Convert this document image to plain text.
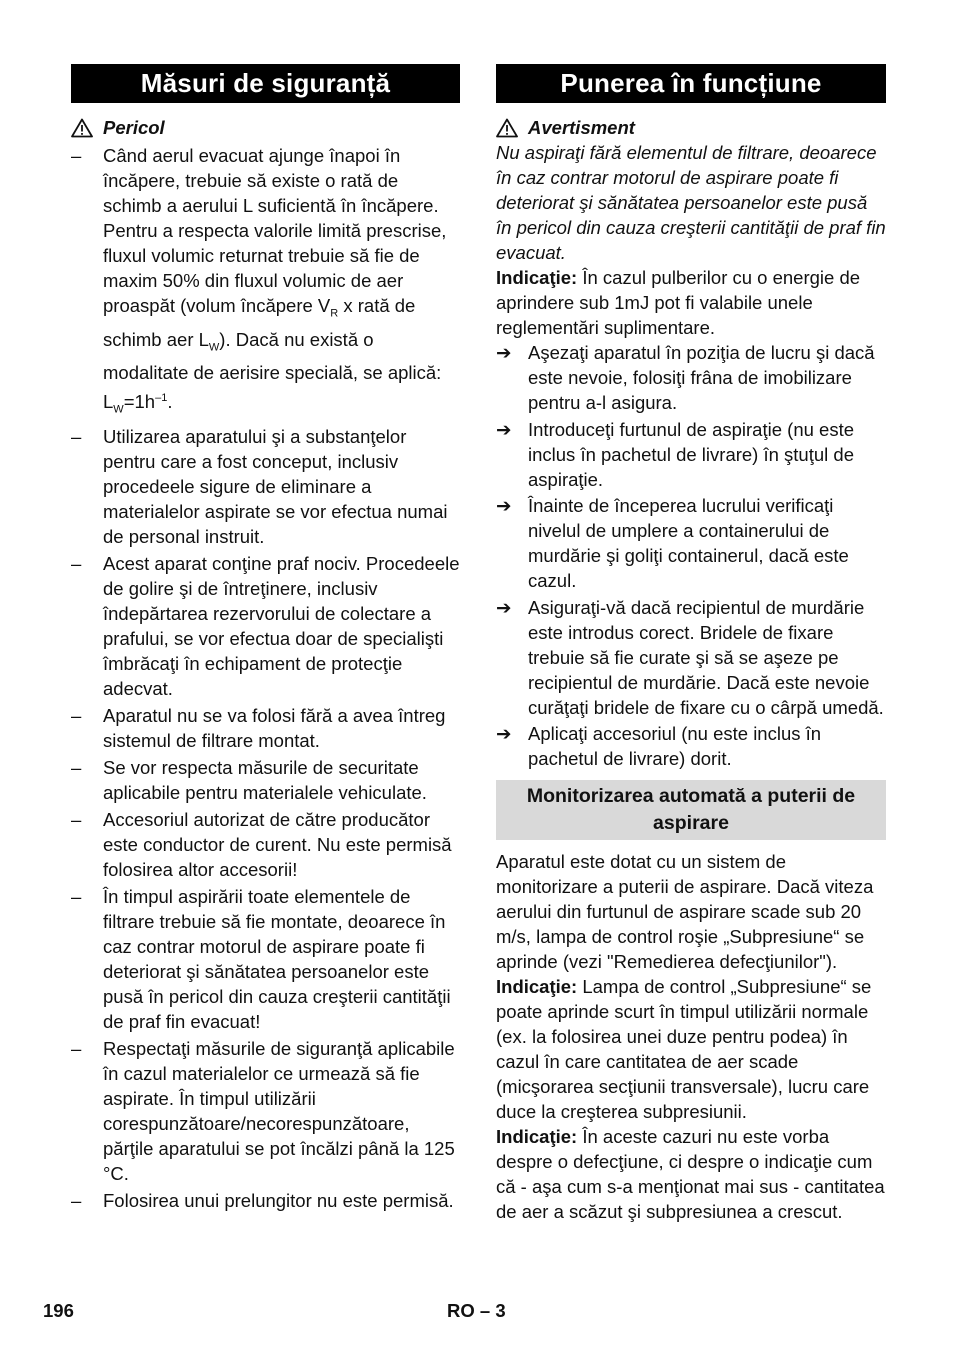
Măsuri de siguranță
Pericol
– Când aerul evacuat ajunge înapoi în încăpere, trebuie să existe o rată de schimb a aerului L suficientă în încăpere. Pentru a respecta valorile limită prescrise, fluxul volumic returnat trebuie să fie de maxim 50% din fluxul volumic de aer proaspăt (volum încăpere $V_R$ x rată de schimb aer $L_W$). Dacă nu există o modalitate de aerisire specială, se aplică: $L_W=1h^{-1}$.
– Utilizarea aparatului şi a substanţelor pentru care a fost conceput, inclusiv procedeele sigure de eliminare a materialelor aspirate se vor efectua numai de personal instruit.
– Acest aparat conţine praf nociv. Procedeele de golire şi de întreţinere, inclusiv îndepărtarea rezervorului de colectare a prafului, se vor efectua doar de specialişti îmbrăcaţi în echipament de protecţie adecvat.
– Aparatul nu se va folosi fără a avea întreg sistemul de filtrare montat.
– Se vor respecta măsurile de securitate aplicabile pentru materialele vehiculate.
– Accesoriul autorizat de către producător este conductor de curent. Nu este permisă folosirea altor accesorii!
– În timpul aspirării toate elementele de filtrare trebuie să fie montate, deoarece în caz contrar motorul de aspirare poate fi deteriorat şi sănătatea persoanelor este pusă în pericol din cauza creşterii cantităţii de praf fin evacuat!
– Respectaţi măsurile de siguranţă aplicabile în cazul materialelor ce urmează să fie aspirate. În timpul utilizării corespunzătoare/necorespunzătoare, părţile aparatului se pot încălzi până la 125 °C.
– Folosirea unui prelungitor nu este permisă.
Punerea în funcțiune
Avertisment

Nu aspiraţi fără elementul de filtrare, deoarece în caz contrar motorul de aspirare poate fi deteriorat şi sănătatea persoanelor este pusă în pericol din cauza creşterii cantităţii de praf fin evacuat.

Indicaţie: În cazul pulberilor cu o energie de aprindere sub 1mJ pot fi valabile unele reglementări suplimentare.

➔ Aşezaţi aparatul în poziţia de lucru şi dacă este nevoie, folosiţi frâna de imobilizare pentru a-l asigura.
➔ Introduceţi furtunul de aspiraţie (nu este inclus în pachetul de livrare) în ştuţul de aspiraţie.
➔ Înainte de începerea lucrului verificaţi nivelul de umplere a containerului de murdărie şi goliţi containerul, dacă este cazul.
➔ Asiguraţi-vă dacă recipientul de murdărie este introdus corect. Bridele de fixare trebuie să fie curate şi să se aşeze pe recipientul de murdărie. Dacă este nevoie curăţaţi bridele de fixare cu o cârpă umedă.
➔ Aplicaţi accesoriul (nu este inclus în pachetul de livrare) dorit.
Monitorizarea automată a puterii de aspirare

Aparatul este dotat cu un sistem de monitorizare a puterii de aspirare. Dacă viteza aerului din furtunul de aspirare scade sub 20 m/s, lampa de control roşie „Subpresiune“ se aprinde (vezi "Remedierea defecţiunilor").

Indicaţie: Lampa de control „Subpresiune“ se poate aprinde scurt în timpul utilizării normale (ex. la folosirea unei duze pentru podea) în cazul în care cantitatea de aer scade (micşorarea secţiunii transversale), lucru care duce la creşterea subpresiunii.

Indicaţie: În aceste cazuri nu este vorba despre o defecţiune, ci despre o indicaţie cum că - aşa cum s-a menţionat mai sus - cantitatea de aer a scăzut şi subpresiunea a crescut.

196	RO – 3
